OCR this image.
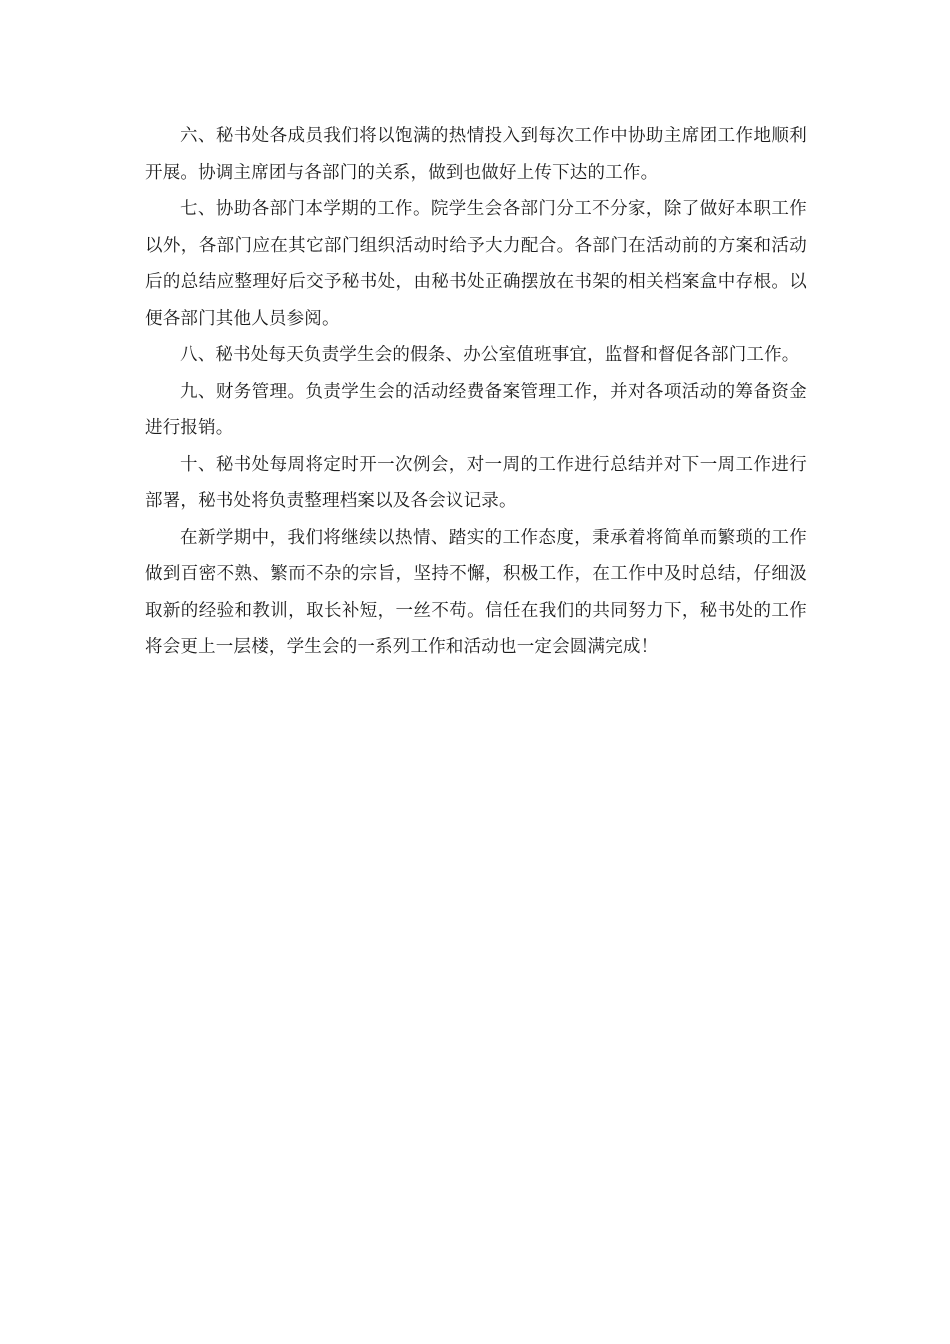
六、秘书处各成员我们将以饱满的热情投入到每次工作中协助主席团工作地顺利开展。协调主席团与各部门的关系，做到也做好上传下达的工作。

七、协助各部门本学期的工作。院学生会各部门分工不分家，除了做好本职工作以外，各部门应在其它部门组织活动时给予大力配合。各部门在活动前的方案和活动后的总结应整理好后交予秘书处，由秘书处正确摆放在书架的相关档案盒中存根。以便各部门其他人员参阅。

八、秘书处每天负责学生会的假条、办公室值班事宜，监督和督促各部门工作。

九、财务管理。负责学生会的活动经费备案管理工作，并对各项活动的筹备资金进行报销。

十、秘书处每周将定时开一次例会，对一周的工作进行总结并对下一周工作进行部署，秘书处将负责整理档案以及各会议记录。

在新学期中，我们将继续以热情、踏实的工作态度，秉承着将简单而繁琐的工作做到百密不熟、繁而不杂的宗旨，坚持不懈，积极工作，在工作中及时总结，仔细汲取新的经验和教训，取长补短，一丝不苟。信任在我们的共同努力下，秘书处的工作将会更上一层楼，学生会的一系列工作和活动也一定会圆满完成！
